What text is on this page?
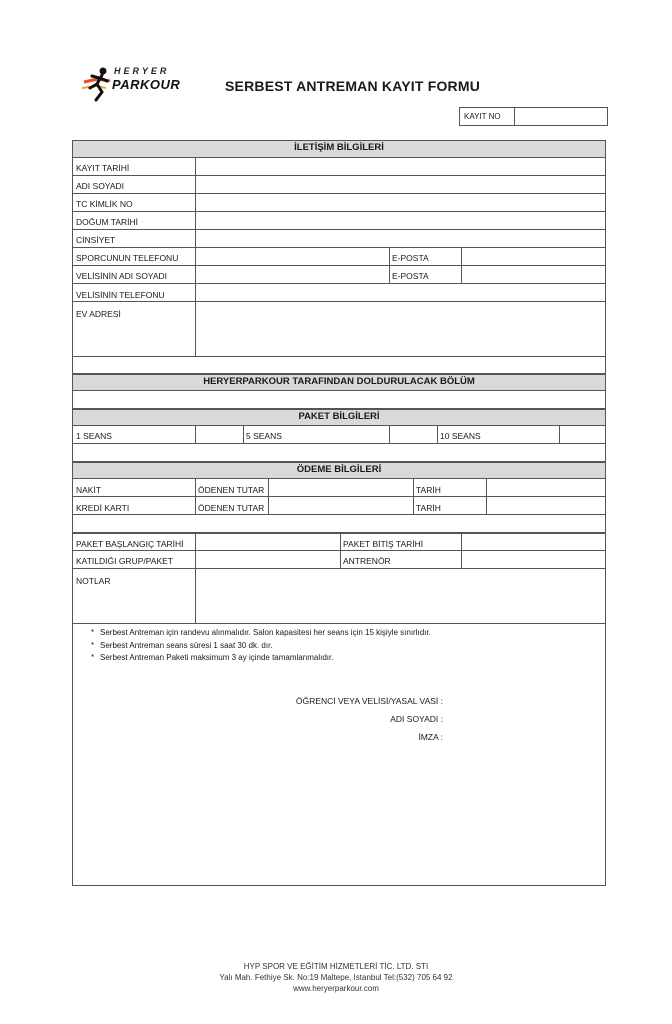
HERYER
PARKOUR	SERBEST ANTREMAN KAYIT FORMU
KAYIT NO
İLETİŞİM BİLGİLERİ
KAYIT TARİHİ
ADI SOYADI
TC KİMLİK NO
DOĞUM TARİHİ
CİNSİYET
SPORCUNUN TELEFONU	E-POSTA
VELİSİNİN ADI SOYADI	E-POSTA
VELİSİNİN TELEFONU
EV ADRESİ
HERYERPARKOUR TARAFINDAN DOLDURULACAK BÖLÜM
PAKET BİLGİLERİ
1 SEANS	5 SEANS	10 SEANS
ÖDEME BİLGİLERİ
NAKİT	ÖDENEN TUTAR	TARİH
KREDİ KARTI	ÖDENEN TUTAR	TARİH
PAKET BAŞLANGIÇ TARİHİ	PAKET BİTİŞ TARİHİ
KATILDIĞI GRUP/PAKET	ANTRENÖR
NOTLAR
* Serbest Antreman için randevu alınmalıdır. Salon kapasitesi her seans için 15 kişiyle sınırlıdır.
* Serbest Antreman seans süresi 1 saat 30 dk. dır.
* Serbest Antreman Paketi maksimum 3 ay içinde tamamlanmalıdır.
ÖĞRENCİ VEYA VELİSİ/YASAL VASİ :
ADI SOYADI :
İMZA :
HYP SPOR VE EĞİTİM HİZMETLERİ TİC. LTD. STI
Yalı Mah. Fethiye Sk. No:19 Maltepe, Istanbul Tel:(532) 705 64 92
www.heryerparkour.com
